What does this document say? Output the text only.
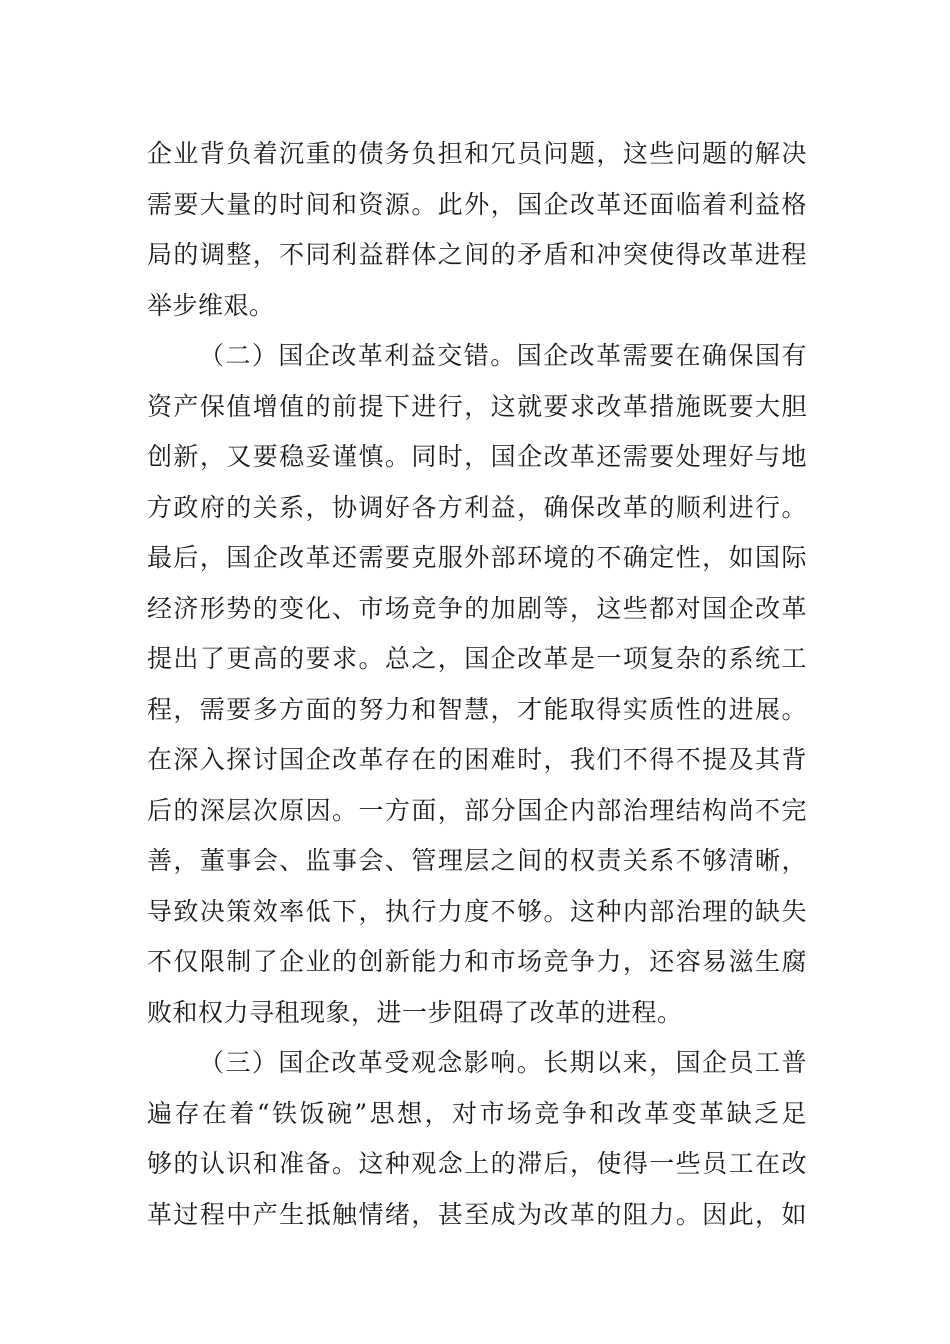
企业背负着沉重的债务负担和冗员问题，这些问题的解决
需要大量的时间和资源。此外，国企改革还面临着利益格
局的调整，不同利益群体之间的矛盾和冲突使得改革进程
举步维艰。
（二）国企改革利益交错。国企改革需要在确保国有
资产保值增值的前提下进行，这就要求改革措施既要大胆
创新，又要稳妥谨慎。同时，国企改革还需要处理好与地
方政府的关系，协调好各方利益，确保改革的顺利进行。
最后，国企改革还需要克服外部环境的不确定性，如国际
经济形势的变化、市场竞争的加剧等，这些都对国企改革
提出了更高的要求。总之，国企改革是一项复杂的系统工
程，需要多方面的努力和智慧，才能取得实质性的进展。
在深入探讨国企改革存在的困难时，我们不得不提及其背
后的深层次原因。一方面，部分国企内部治理结构尚不完
善，董事会、监事会、管理层之间的权责关系不够清晰，
导致决策效率低下，执行力度不够。这种内部治理的缺失
不仅限制了企业的创新能力和市场竞争力，还容易滋生腐
败和权力寻租现象，进一步阻碍了改革的进程。
（三）国企改革受观念影响。长期以来，国企员工普
遍存在着“铁饭碗”思想，对市场竞争和改革变革缺乏足
够的认识和准备。这种观念上的滞后，使得一些员工在改
革过程中产生抵触情绪，甚至成为改革的阻力。因此，如
